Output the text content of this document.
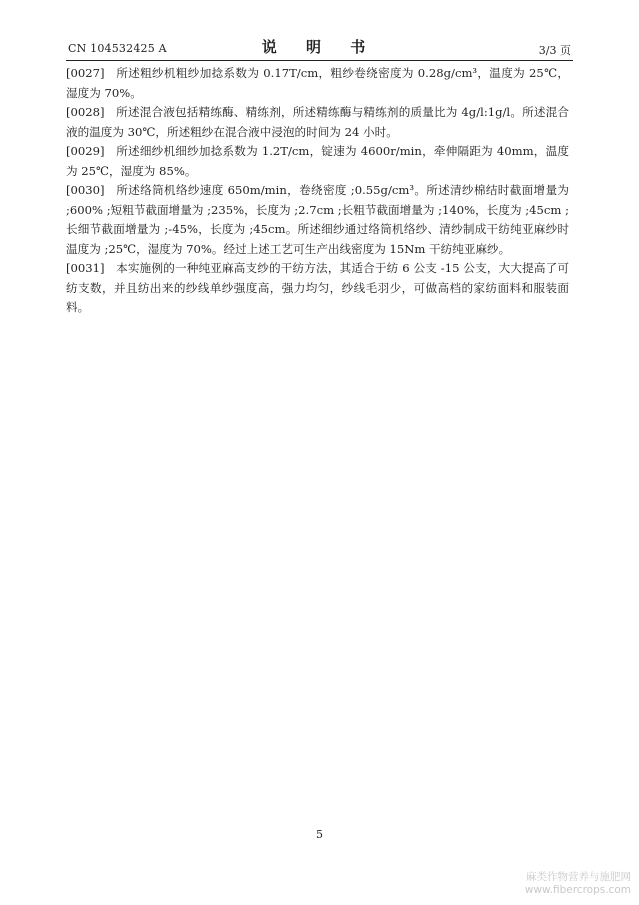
CN 104532425 A	说 明 书	3/3 页

[0027] 所述粗纱机粗纱加捻系数为 0.17T/cm，粗纱卷绕密度为 0.28g/cm³，温度为 25℃，湿度为 70%。

[0028] 所述混合液包括精练酶、精练剂，所述精练酶与精练剂的质量比为 4g/l:1g/l。所述混合液的温度为 30℃，所述粗纱在混合液中浸泡的时间为 24 小时。

[0029] 所述细纱机细纱加捻系数为 1.2T/cm，锭速为 4600r/min，牵伸隔距为 40mm，温度为 25℃，湿度为 85%。

[0030] 所述络筒机络纱速度 650m/min，卷绕密度 ;0.55g/cm³。所述清纱棉结时截面增量为 ;600% ;短粗节截面增量为 ;235%，长度为 ;2.7cm ;长粗节截面增量为 ;140%，长度为 ;45cm ;长细节截面增量为 ;-45%，长度为 ;45cm。所述细纱通过络筒机络纱、清纱制成干纺纯亚麻纱时温度为 ;25℃，湿度为 70%。经过上述工艺可生产出线密度为 15Nm 干纺纯亚麻纱。

[0031] 本实施例的一种纯亚麻高支纱的干纺方法，其适合于纺 6 公支 -15 公支，大大提高了可纺支数，并且纺出来的纱线单纱强度高，强力均匀，纱线毛羽少，可做高档的家纺面料和服装面料。

5
麻类作物营养与施肥网
www.fibercrops.com
